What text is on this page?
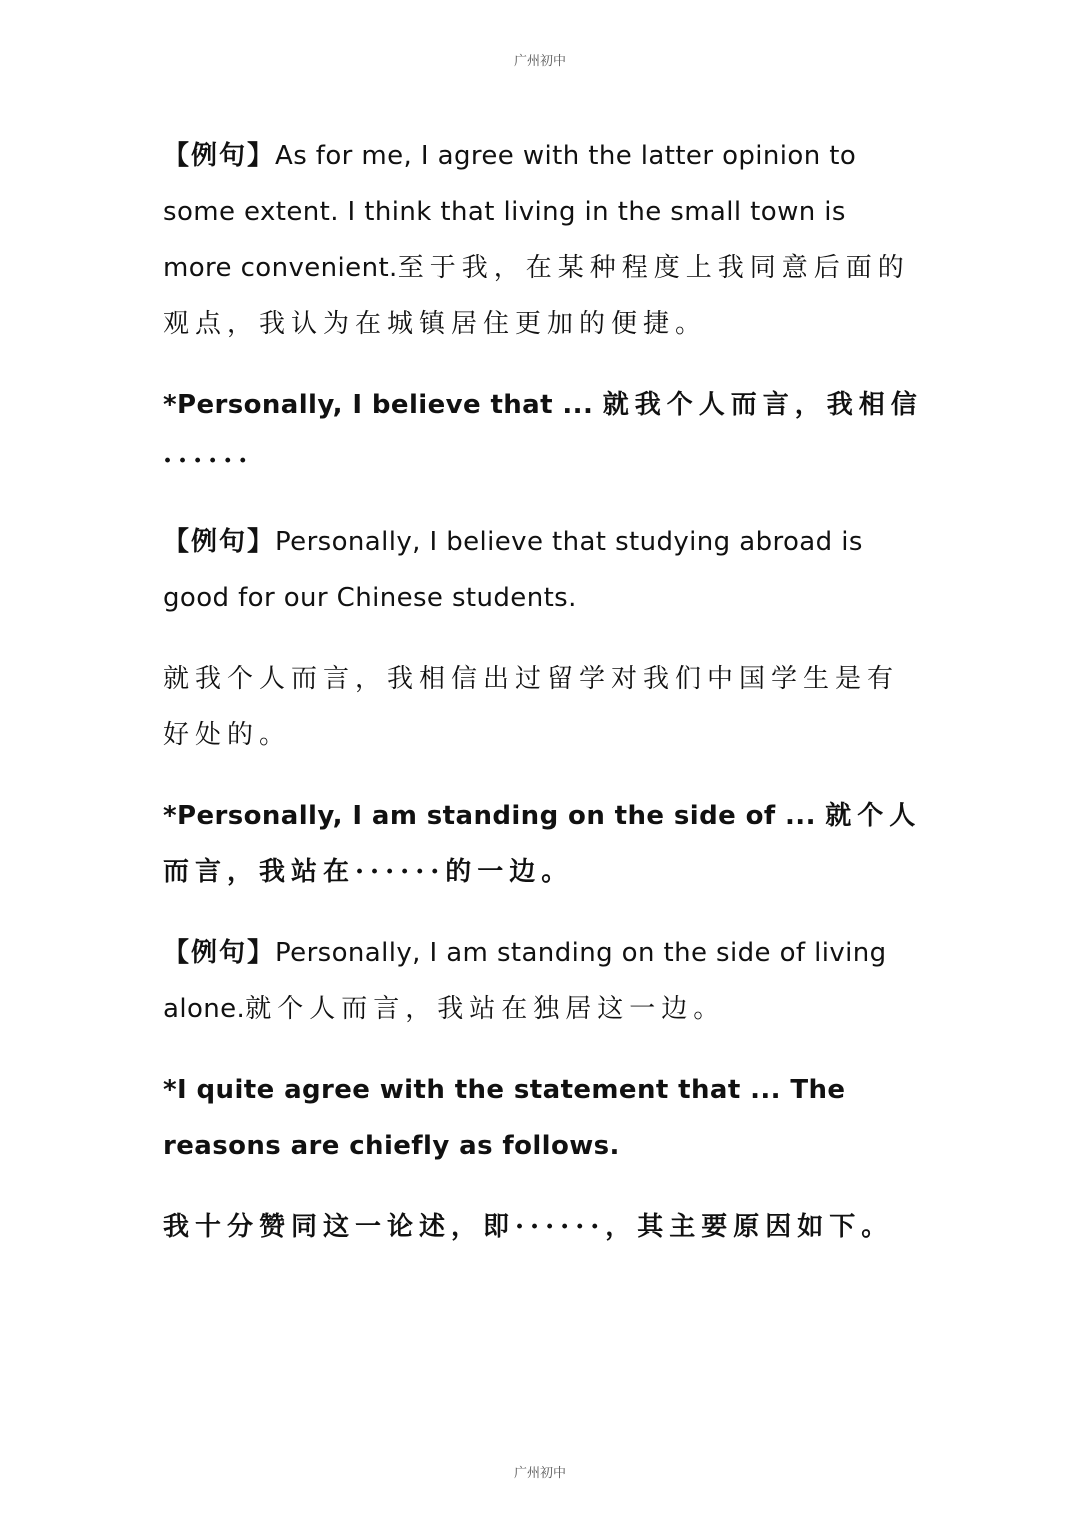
广州初中

【例句】As for me, I agree with the latter opinion to some extent. I think that living in the small town is more convenient.至于我，在某种程度上我同意后面的观点，我认为在城镇居住更加的便捷。

*Personally, I believe that ... 就我个人而言，我相信······

【例句】Personally, I believe that studying abroad is good for our Chinese students.

就我个人而言，我相信出过留学对我们中国学生是有好处的。

*Personally, I am standing on the side of ... 就个人而言，我站在······的一边。

【例句】Personally, I am standing on the side of living alone.就个人而言，我站在独居这一边。

*I quite agree with the statement that ... The reasons are chiefly as follows.

我十分赞同这一论述，即······，其主要原因如下。

广州初中
